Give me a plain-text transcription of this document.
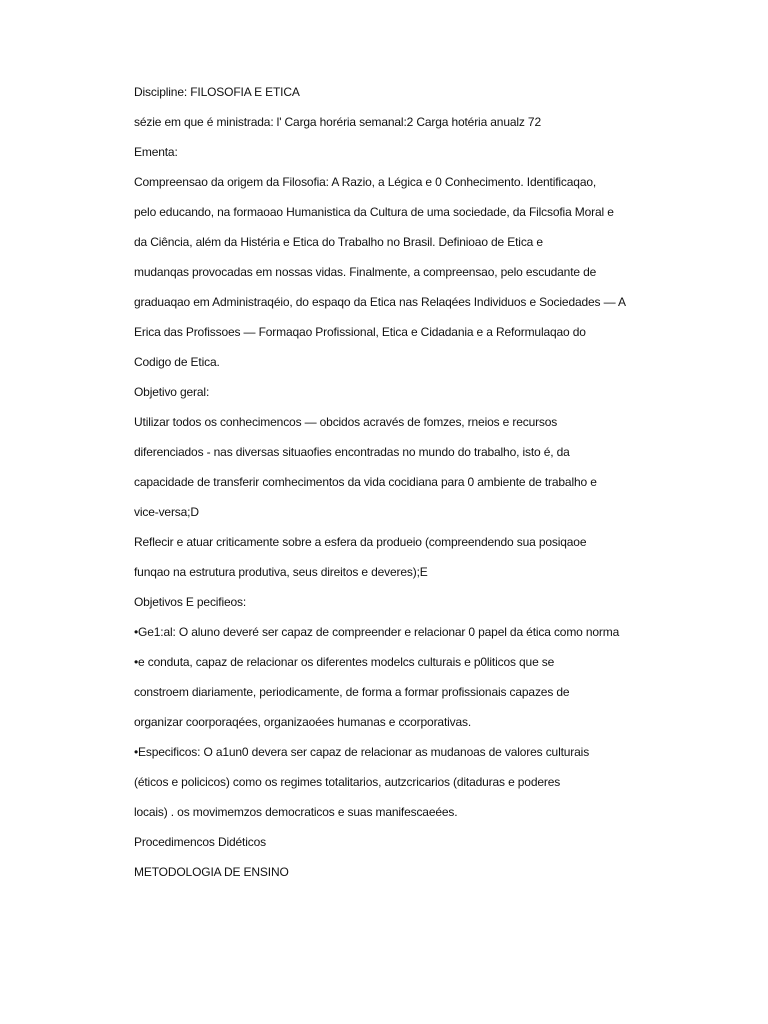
Discipline: FILOSOFIA E ETICA
sézie em que é ministrada: l' Carga horéria semanal:2 Carga hotéria anualz 72
Ementa:
Compreensao da origem da Filosofia: A Razio, a Légica e 0 Conhecimento. Identificaqao,
pelo educando, na formaoao Humanistica da Cultura de uma sociedade, da Filcsofia Moral e
da Ciência, além da Histéria e Etica do Trabalho no Brasil. Definioao de Etica e
mudanqas provocadas em nossas vidas. Finalmente, a compreensao, pelo escudante de
graduaqao em Administraqéio, do espaqo da Etica nas Relaqées Individuos e Sociedades — A
Erica das Profissoes — Formaqao Profissional, Etica e Cidadania e a Reformulaqao do
Codigo de Etica.
Objetivo geral:
Utilizar todos os conhecimencos — obcidos acravés de fomzes, rneios e recursos
diferenciados - nas diversas situaofies encontradas no mundo do trabalho, isto é, da
capacidade de transferir comhecimentos da vida cocidiana para 0 ambiente de trabalho e
vice-versa;D
Reflecir e atuar criticamente sobre a esfera da produeio (compreendendo sua posiqaoe
funqao na estrutura produtiva, seus direitos e deveres);E
Objetivos E pecifieos:
•Ge1:al: O aluno deveré ser capaz de compreender e relacionar 0 papel da ética como norma
•e conduta, capaz de relacionar os diferentes modelcs culturais e p0liticos que se
constroem diariamente, periodicamente, de forma a formar profissionais capazes de
organizar coorporaqées, organizaoées humanas e ccorporativas.
•Especificos: O a1un0 devera ser capaz de relacionar as mudanoas de valores culturais
(éticos e policicos) como os regimes totalitarios, autzcricarios (ditaduras e poderes
locais) . os movimemzos democraticos e suas manifescaeées.
Procedimencos Didéticos
METODOLOGIA DE ENSINO
